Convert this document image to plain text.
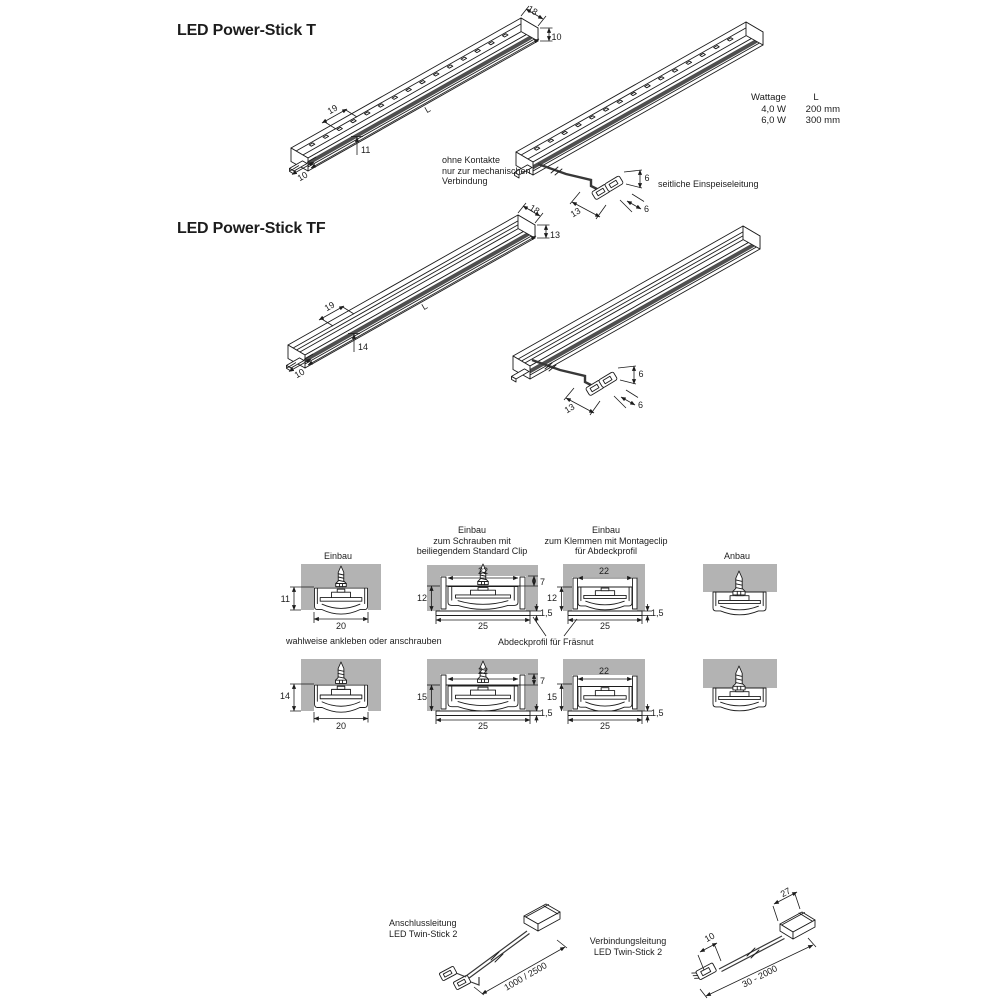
18
10
19
11
L
10	6
6
13
18
13
19
14
L
10	6
6
13
11
20
22
7
12
25
1,5
22
12
25
1,5
14
20
22
7
15
25
1,5
22
15
25
1,5
1000 / 2500
27
10
30 - 2000
LED Power-Stick T
LED Power-Stick TF
ohne Kontakte
nur zur mechanischen
Verbindung	seitliche Einspeiseleitung
Wattage	L
4,0 W	200 mm
6,0 W	300 mm
Einbau
Einbau
zum Schrauben mit
beiliegendem Standard Clip
Einbau
zum Klemmen mit Montageclip
für Abdeckprofil	Anbau
wahlweise ankleben oder anschrauben	Abdeckprofil für Fräsnut
Anschlussleitung
LED Twin-Stick 2
Verbindungsleitung
LED Twin-Stick 2
